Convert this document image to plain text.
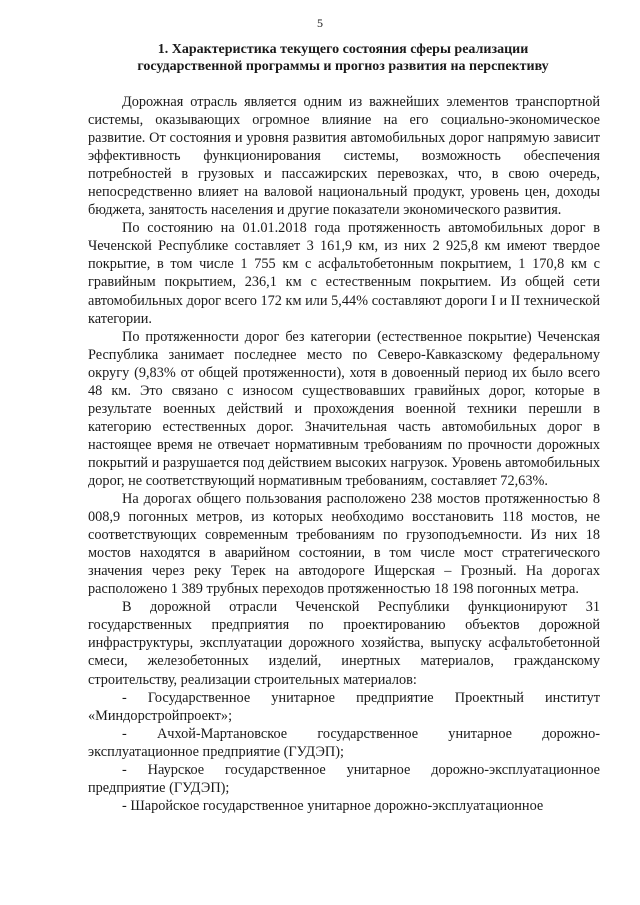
5
1. Характеристика текущего состояния сферы реализации
государственной программы и прогноз развития на перспективу

Дорожная отрасль является одним из важнейших элементов транспортной системы, оказывающих огромное влияние на его социально-экономическое развитие. От состояния и уровня развития автомобильных дорог напрямую зависит эффективность функционирования системы, возможность обеспечения потребностей в грузовых и пассажирских перевозках, что, в свою очередь, непосредственно влияет на валовой национальный продукт, уровень цен, доходы бюджета, занятость населения и другие показатели экономического развития.

По состоянию на 01.01.2018 года протяженность автомобильных дорог в Чеченской Республике составляет 3 161,9 км, из них 2 925,8 км имеют твердое покрытие, в том числе 1 755 км с асфальтобетонным покрытием, 1 170,8 км с гравийным покрытием, 236,1 км с естественным покрытием. Из общей сети автомобильных дорог всего 172 км или 5,44% составляют дороги I и II технической категории.

По протяженности дорог без категории (естественное покрытие) Чеченская Республика занимает последнее место по Северо-Кавказскому федеральному округу (9,83% от общей протяженности), хотя в довоенный период их было всего 48 км. Это связано с износом существовавших гравийных дорог, которые в результате военных действий и прохождения военной техники перешли в категорию естественных дорог. Значительная часть автомобильных дорог в настоящее время не отвечает нормативным требованиям по прочности дорожных покрытий и разрушается под действием высоких нагрузок. Уровень автомобильных дорог, не соответствующий нормативным требованиям, составляет 72,63%.

На дорогах общего пользования расположено 238 мостов протяженностью 8 008,9 погонных метров, из которых необходимо восстановить 118 мостов, не соответствующих современным требованиям по грузоподъемности. Из них 18 мостов находятся в аварийном состоянии, в том числе мост стратегического значения через реку Терек на автодороге Ищерская – Грозный. На дорогах расположено 1 389 трубных переходов протяженностью 18 198 погонных метра.

В дорожной отрасли Чеченской Республики функционируют 31 государственных предприятия по проектированию объектов дорожной инфраструктуры, эксплуатации дорожного хозяйства, выпуску асфальтобетонной смеси, железобетонных изделий, инертных материалов, гражданскому строительству, реализации строительных материалов:

- Государственное унитарное предприятие Проектный институт «Миндорстройпроект»;

- Ачхой-Мартановское государственное унитарное дорожно-эксплуатационное предприятие (ГУДЭП);

- Наурское государственное унитарное дорожно-эксплуатационное предприятие (ГУДЭП);

- Шаройское государственное унитарное дорожно-эксплуатационное
